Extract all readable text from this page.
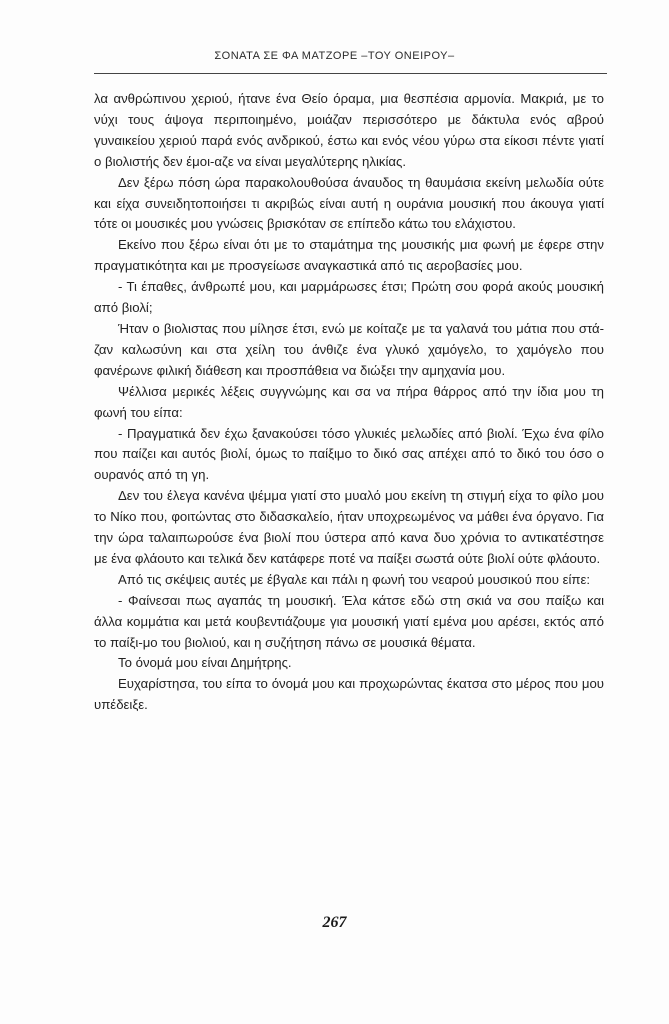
ΣΟΝΑΤΑ ΣΕ ΦΑ ΜΑΤΖΟΡΕ –ΤΟΥ ΟΝΕΙΡΟΥ–

λα ανθρώπινου χεριού, ήτανε ένα Θείο όραμα, μια θεσπέσια αρμονία. Μακριά, με το νύχι τους άψογα περιποιημένο, μοιάζαν περισσότερο με δάκτυλα ενός αβρού γυναικείου χεριού παρά ενός ανδρικού, έστω και ενός νέου γύρω στα είκοσι πέντε γιατί ο βιολιστής δεν έμοι-αζε να είναι μεγαλύτερης ηλικίας.

Δεν ξέρω πόση ώρα παρακολουθούσα άναυδος τη θαυμάσια εκείνη μελωδία ούτε και είχα συνειδητοποιήσει τι ακριβώς είναι αυτή η ουράνια μουσική που άκουγα γιατί τότε οι μουσικές μου γνώσεις βρισκόταν σε επίπεδο κάτω του ελάχιστου.

Εκείνο που ξέρω είναι ότι με το σταμάτημα της μουσικής μια φωνή με έφερε στην πραγματικότητα και με προσγείωσε αναγκαστικά από τις αεροβασίες μου.

- Τι έπαθες, άνθρωπέ μου, και μαρμάρωσες έτσι; Πρώτη σου φορά ακούς μουσική από βιολί;

Ήταν ο βιολιστας που μίλησε έτσι, ενώ με κοίταζε με τα γαλανά του μάτια που στά-ζαν καλωσύνη και στα χείλη του άνθιζε ένα γλυκό χαμόγελο, το χαμόγελο που φανέρωνε φιλική διάθεση και προσπάθεια να διώξει την αμηχανία μου.

Ψέλλισα μερικές λέξεις συγγνώμης και σα να πήρα θάρρος από την ίδια μου τη φωνή του είπα:

- Πραγματικά δεν έχω ξανακούσει τόσο γλυκιές μελωδίες από βιολί. Έχω ένα φίλο που παίζει και αυτός βιολί, όμως το παίξιμο το δικό σας απέχει από το δικό του όσο ο ουρανός από τη γη.

Δεν του έλεγα κανένα ψέμμα γιατί στο μυαλό μου εκείνη τη στιγμή είχα το φίλο μου το Νίκο που, φοιτώντας στο διδασκαλείο, ήταν υποχρεωμένος να μάθει ένα όργανο. Για την ώρα ταλαιπωρούσε ένα βιολί που ύστερα από κανα δυο χρόνια το αντικατέστησε με ένα φλάουτο και τελικά δεν κατάφερε ποτέ να παίξει σωστά ούτε βιολί ούτε φλάουτο.

Από τις σκέψεις αυτές με έβγαλε και πάλι η φωνή του νεαρού μουσικού που είπε:

- Φαίνεσαι πως αγαπάς τη μουσική. Έλα κάτσε εδώ στη σκιά να σου παίξω και άλλα κομμάτια και μετά κουβεντιάζουμε για μουσική γιατί εμένα μου αρέσει, εκτός από το παίξι-μο του βιολιού, και η συζήτηση πάνω σε μουσικά θέματα.

Το όνομά μου είναι Δημήτρης.

Ευχαρίστησα, του είπα το όνομά μου και προχωρώντας έκατσα στο μέρος που μου υπέδειξε.

267
